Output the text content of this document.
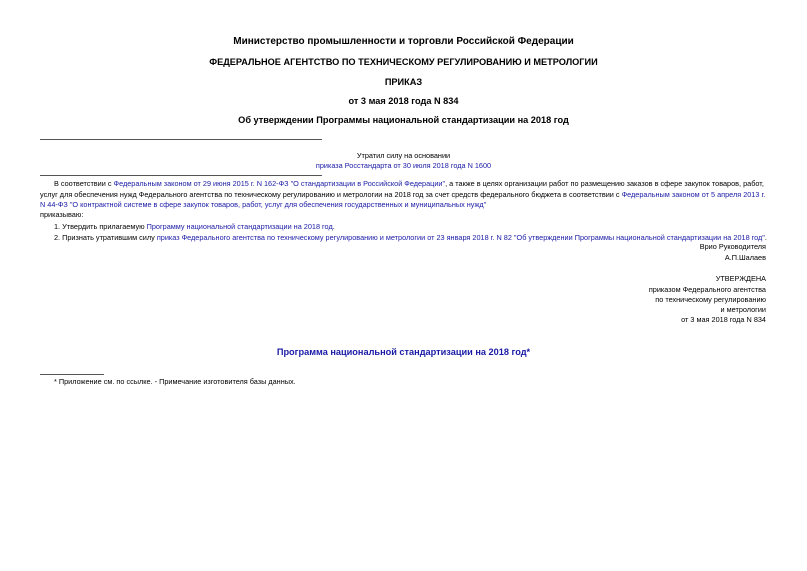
Министерство промышленности и торговли Российской Федерации
ФЕДЕРАЛЬНОЕ АГЕНТСТВО ПО ТЕХНИЧЕСКОМУ РЕГУЛИРОВАНИЮ И МЕТРОЛОГИИ
ПРИКАЗ
от 3 мая 2018 года N 834
Об утверждении Программы национальной стандартизации на 2018 год
Утратил силу на основании
приказа Росстандарта от 30 июля 2018 года N 1600
В соответствии с Федеральным законом от 29 июня 2015 г. N 162-ФЗ "О стандартизации в Российской Федерации", а также в целях организации работ по размещению заказов в сфере закупок товаров, работ, услуг для обеспечения нужд Федерального агентства по техническому регулированию и метрологии на 2018 год за счет средств федерального бюджета в соответствии с Федеральным законом от 5 апреля 2013 г. N 44-ФЗ "О контрактной системе в сфере закупок товаров, работ, услуг для обеспечения государственных и муниципальных нужд"
приказываю:
1. Утвердить прилагаемую Программу национальной стандартизации на 2018 год.
2. Признать утратившим силу приказ Федерального агентства по техническому регулированию и метрологии от 23 января 2018 г. N 82 "Об утверждении Программы национальной стандартизации на 2018 год".
Врио Руководителя
А.П.Шалаев
УТВЕРЖДЕНА
приказом Федерального агентства
по техническому регулированию
и метрологии
от 3 мая 2018 года N 834
Программа национальной стандартизации на 2018 год*
* Приложение см. по ссылке. - Примечание изготовителя базы данных.
